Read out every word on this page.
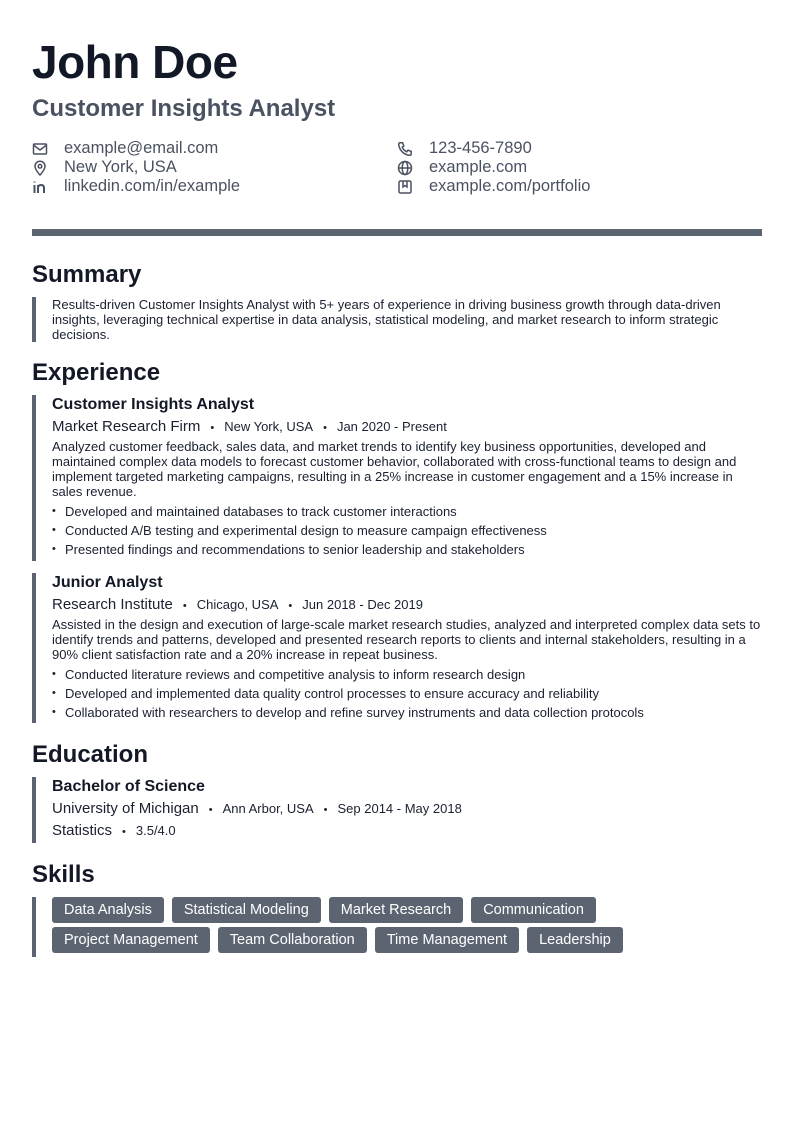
John Doe
Customer Insights Analyst
example@email.com	123-456-7890
New York, USA	example.com
linkedin.com/in/example	example.com/portfolio
Summary
Results-driven Customer Insights Analyst with 5+ years of experience in driving business growth through data-driven insights, leveraging technical expertise in data analysis, statistical modeling, and market research to inform strategic decisions.
Experience
Customer Insights Analyst
Market Research Firm • New York, USA • Jan 2020 - Present
Analyzed customer feedback, sales data, and market trends to identify key business opportunities, developed and maintained complex data models to forecast customer behavior, collaborated with cross-functional teams to design and implement targeted marketing campaigns, resulting in a 25% increase in customer engagement and a 15% increase in sales revenue.
• Developed and maintained databases to track customer interactions
• Conducted A/B testing and experimental design to measure campaign effectiveness
• Presented findings and recommendations to senior leadership and stakeholders
Junior Analyst
Research Institute • Chicago, USA • Jun 2018 - Dec 2019
Assisted in the design and execution of large-scale market research studies, analyzed and interpreted complex data sets to identify trends and patterns, developed and presented research reports to clients and internal stakeholders, resulting in a 90% client satisfaction rate and a 20% increase in repeat business.
• Conducted literature reviews and competitive analysis to inform research design
• Developed and implemented data quality control processes to ensure accuracy and reliability
• Collaborated with researchers to develop and refine survey instruments and data collection protocols
Education
Bachelor of Science
University of Michigan • Ann Arbor, USA • Sep 2014 - May 2018
Statistics • 3.5/4.0
Skills
Data Analysis	Statistical Modeling	Market Research	Communication
Project Management	Team Collaboration	Time Management	Leadership
